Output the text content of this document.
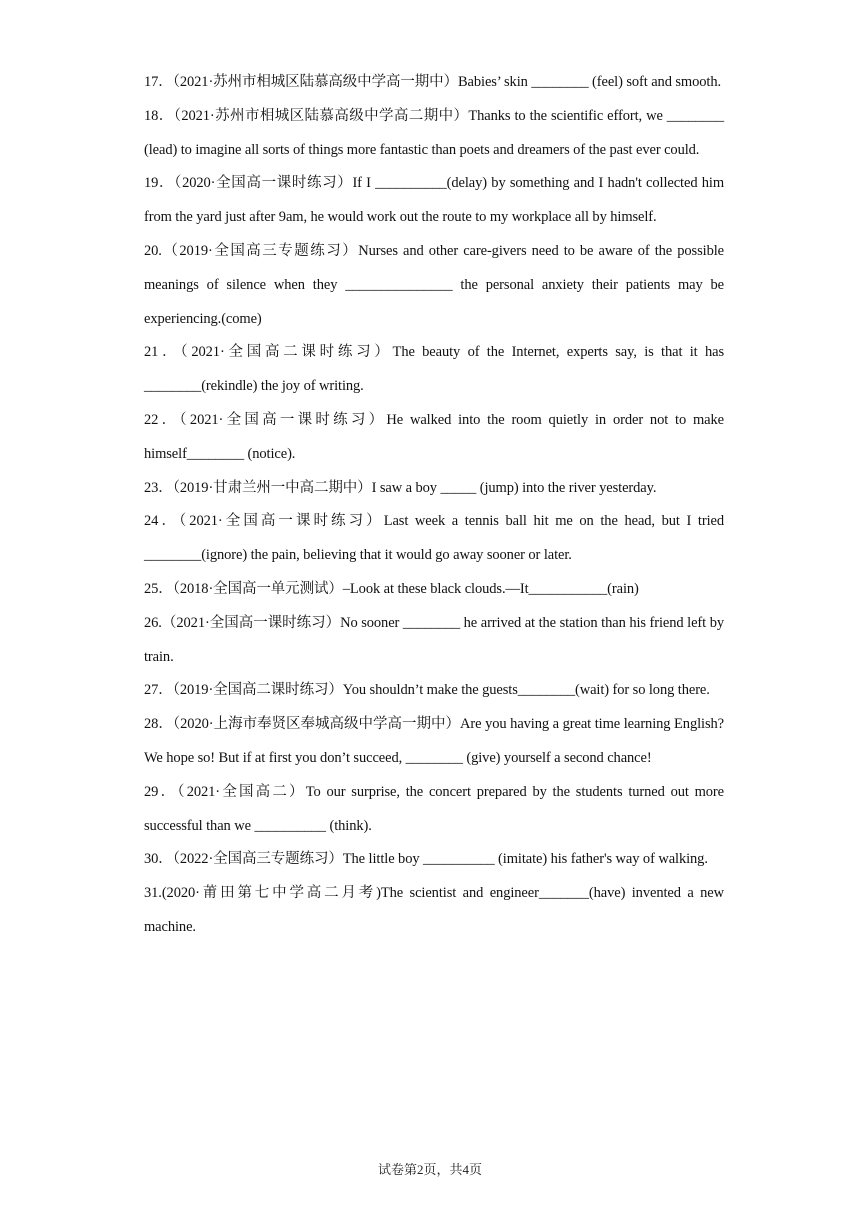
17．（2021·苏州市相城区陆慕高级中学高一期中）Babies’ skin ________ (feel) soft and smooth.

18．（2021·苏州市相城区陆慕高级中学高二期中）Thanks to the scientific effort, we ________ (lead) to imagine all sorts of things more fantastic than poets and dreamers of the past ever could.

19．（2020·全国高一课时练习）If I __________(delay) by something and I hadn't collected him from the yard just after 9am, he would work out the route to my workplace all by himself.

20.（2019·全国高三专题练习）Nurses and other care-givers need to be aware of the possible meanings of silence when they _______________ the personal anxiety their patients may be experiencing.(come)

21．（2021·全国高二课时练习）The beauty of the Internet, experts say, is that it has ________(rekindle) the joy of writing.

22．（2021·全国高一课时练习）He walked into the room quietly in order not to make himself________ (notice).

23．（2019·甘肃兰州一中高二期中）I saw a boy _____ (jump) into the river yesterday.

24．（2021·全国高一课时练习）Last week a tennis ball hit me on the head, but I tried ________(ignore) the pain, believing that it would go away sooner or later.

25．（2018·全国高一单元测试）–Look at these black clouds.—It___________(rain)

26.（2021·全国高一课时练习）No sooner ________ he arrived at the station than his friend left by train.

27．（2019·全国高二课时练习）You shouldn’t make the guests________(wait) for so long there.

28．（2020·上海市奉贤区奉城高级中学高一期中）Are you having a great time learning English? We hope so! But if at first you don’t succeed, ________ (give) yourself a second chance!

29．（2021·全国高二）To our surprise, the concert prepared by the students turned out more successful than we __________ (think).

30．（2022·全国高三专题练习）The little boy __________ (imitate) his father's way of walking.

31.(2020·莆田第七中学高二月考)The scientist and engineer_______(have) invented a new machine.

试卷第2页，共4页
